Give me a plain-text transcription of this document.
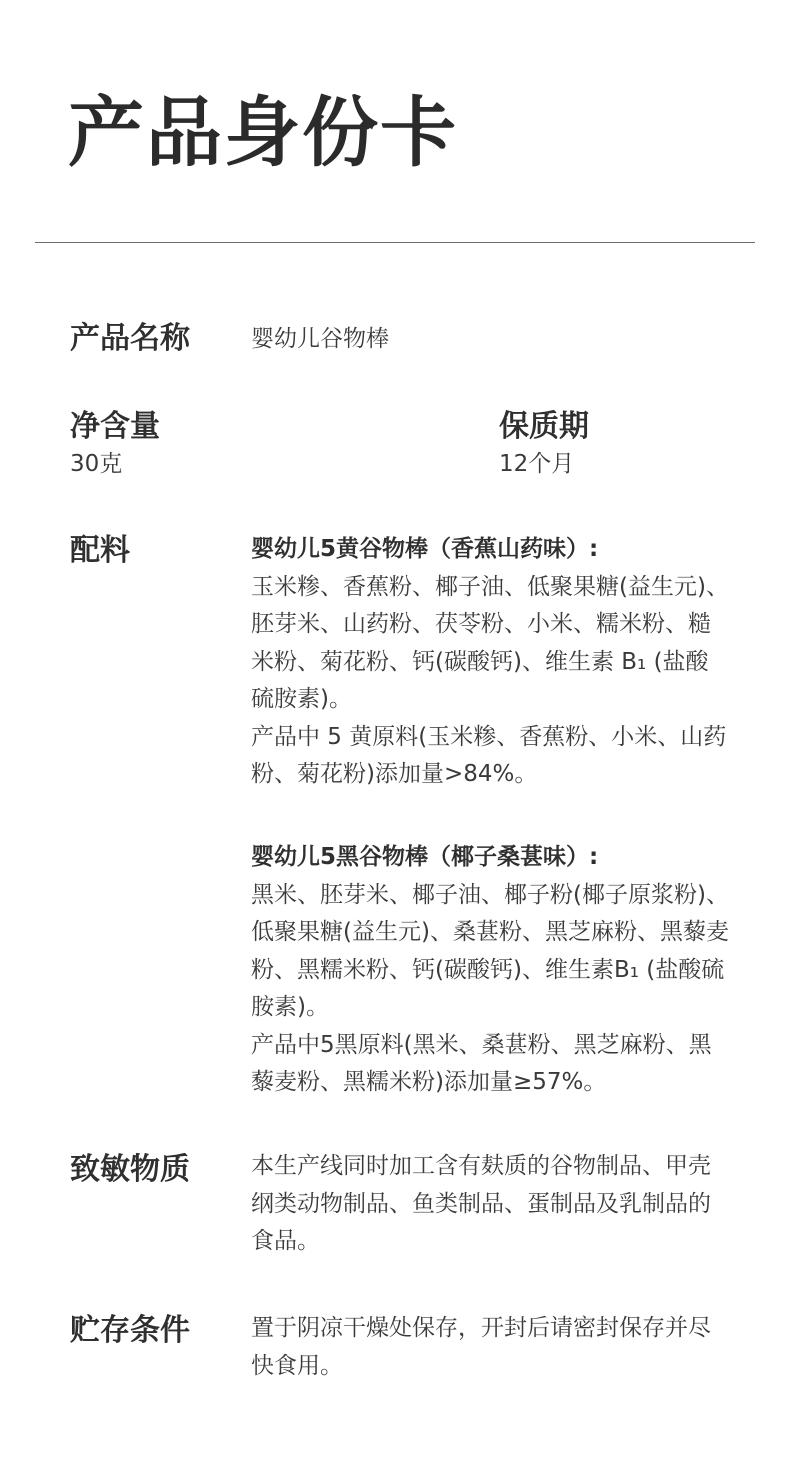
产品身份卡
产品名称	婴幼儿谷物棒
净含量
30克
保质期
12个月
配料	婴幼儿5黄谷物棒（香蕉山药味）:

玉米糁、香蕉粉、椰子油、低聚果糖(益生元)、胚芽米、山药粉、茯苓粉、小米、糯米粉、糙米粉、菊花粉、钙(碳酸钙)、维生素 B₁ (盐酸硫胺素)。

产品中 5 黄原料(玉米糁、香蕉粉、小米、山药粉、菊花粉)添加量>84%。

婴幼儿5黑谷物棒（椰子桑葚味）:

黑米、胚芽米、椰子油、椰子粉(椰子原浆粉)、低聚果糖(益生元)、桑葚粉、黑芝麻粉、黑藜麦粉、黑糯米粉、钙(碳酸钙)、维生素B₁ (盐酸硫胺素)。

产品中5黑原料(黑米、桑葚粉、黑芝麻粉、黑藜麦粉、黑糯米粉)添加量≥57%。

致敏物质	本生产线同时加工含有麸质的谷物制品、甲壳纲类动物制品、鱼类制品、蛋制品及乳制品的食品。
贮存条件	置于阴凉干燥处保存，开封后请密封保存并尽快食用。
